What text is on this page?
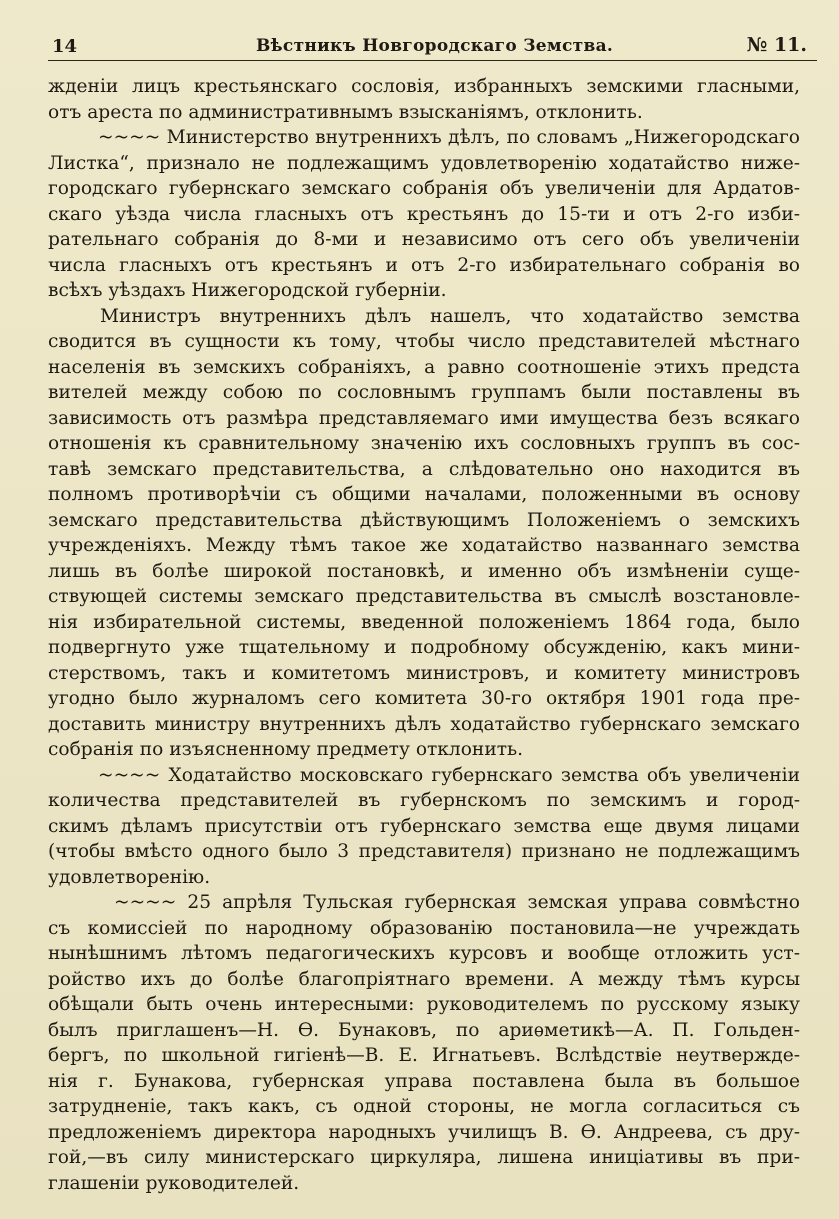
14	Вѣстникъ Новгородскаго Земства.	№ 11.
жденіи лицъ крестьянскаго сословія, избранныхъ земскими гласными,
отъ ареста по административнымъ взысканіямъ, отклонить.
~~~~ Министерство внутреннихъ дѣлъ, по словамъ „Нижегородскаго
Листка“, признало не подлежащимъ удовлетворенію ходатайство ниже-
городскаго губернскаго земскаго собранія объ увеличеніи для Ардатов-
скаго уѣзда числа гласныхъ отъ крестьянъ до 15-ти и отъ 2-го изби-
рательнаго собранія до 8-ми и независимо отъ сего объ увеличеніи
числа гласныхъ отъ крестьянъ и отъ 2-го избирательнаго собранія во
всѣхъ уѣздахъ Нижегородской губерніи.
Министръ внутреннихъ дѣлъ нашелъ, что ходатайство земства
сводится въ сущности къ тому, чтобы число представителей мѣстнаго
населенія въ земскихъ собраніяхъ, а равно соотношеніе этихъ предста
вителей между собою по сословнымъ группамъ были поставлены въ
зависимость отъ размѣра представляемаго ими имущества безъ всякаго
отношенія къ сравнительному значенію ихъ сословныхъ группъ въ сос-
тавѣ земскаго представительства, а слѣдовательно оно находится въ
полномъ противорѣчіи съ общими началами, положенными въ основу
земскаго представительства дѣйствующимъ Положеніемъ о земскихъ
учрежденіяхъ. Между тѣмъ такое же ходатайство названнаго земства
лишь въ болѣе широкой постановкѣ, и именно объ измѣненіи суще-
ствующей системы земскаго представительства въ смыслѣ возстановле-
нія избирательной системы, введенной положеніемъ 1864 года, было
подвергнуто уже тщательному и подробному обсужденію, какъ мини-
стерствомъ, такъ и комитетомъ министровъ, и комитету министровъ
угодно было журналомъ сего комитета 30-го октября 1901 года пре-
доставить министру внутреннихъ дѣлъ ходатайство губернскаго земскаго
собранія по изъясненному предмету отклонить.
~~~~ Ходатайство московскаго губернскаго земства объ увеличеніи
количества представителей въ губернскомъ по земскимъ и город-
скимъ дѣламъ присутствіи отъ губернскаго земства еще двумя лицами
(чтобы вмѣсто одного было 3 представителя) признано не подлежащимъ
удовлетворенію.
~~~~ 25 апрѣля Тульская губернская земская управа совмѣстно
съ комиссіей по народному образованію постановила—не учреждать
нынѣшнимъ лѣтомъ педагогическихъ курсовъ и вообще отложить уст-
ройство ихъ до болѣе благопріятнаго времени. А между тѣмъ курсы
обѣщали быть очень интересными: руководителемъ по русскому языку
былъ приглашенъ—Н. Ѳ. Бунаковъ, по ариѳметикѣ—А. П. Гольден-
бергъ, по школьной гигіенѣ—В. Е. Игнатьевъ. Вслѣдствіе неутвержде-
нія г. Бунакова, губернская управа поставлена была въ большое
затрудненіе, такъ какъ, съ одной стороны, не могла согласиться съ
предложеніемъ директора народныхъ училищъ В. Ѳ. Андреева, съ дру-
гой,—въ силу министерскаго циркуляра, лишена иниціативы въ при-
глашеніи руководителей.
